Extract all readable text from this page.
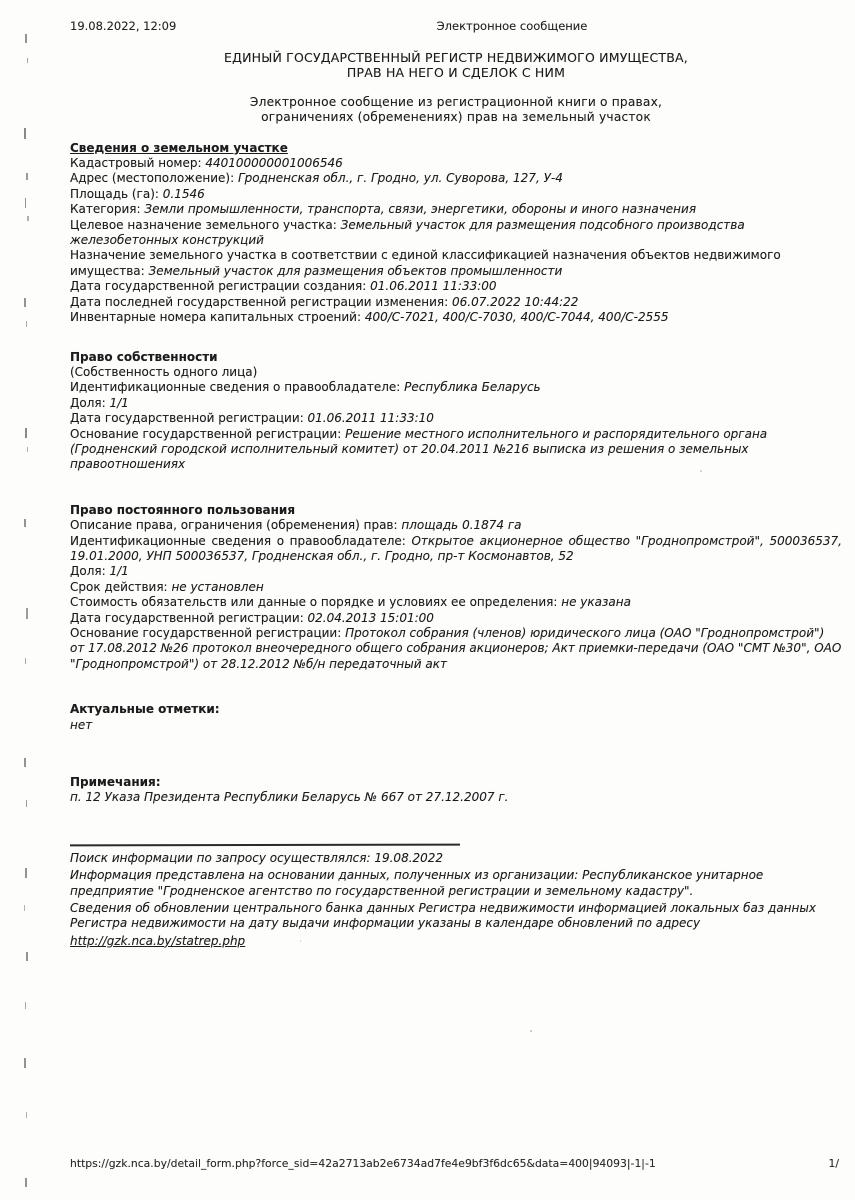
19.08.2022, 12:09	Электронное сообщение

ЕДИНЫЙ ГОСУДАРСТВЕННЫЙ РЕГИСТР НЕДВИЖИМОГО ИМУЩЕСТВА,

ПРАВ НА НЕГО И СДЕЛОК С НИМ

Электронное сообщение из регистрационной книги о правах,

ограничениях (обременениях) прав на земельный участок

Сведения о земельном участке

Кадастровый номер: 440100000001006546

Адрес (местоположение): Гродненская обл., г. Гродно, ул. Суворова, 127, У-4

Площадь (га): 0.1546

Категория: Земли промышленности, транспорта, связи, энергетики, обороны и иного назначения

Целевое назначение земельного участка: Земельный участок для размещения подсобного производства железобетонных конструкций

Назначение земельного участка в соответствии с единой классификацией назначения объектов недвижимого имущества: Земельный участок для размещения объектов промышленности

Дата государственной регистрации создания: 01.06.2011 11:33:00

Дата последней государственной регистрации изменения: 06.07.2022 10:44:22

Инвентарные номера капитальных строений: 400/С-7021, 400/С-7030, 400/С-7044, 400/С-2555

Право собственности

(Собственность одного лица)

Идентификационные сведения о правообладателе: Республика Беларусь

Доля: 1/1

Дата государственной регистрации: 01.06.2011 11:33:10

Основание государственной регистрации: Решение местного исполнительного и распорядительного органа (Гродненский городской исполнительный комитет) от 20.04.2011 №216 выписка из решения о земельных правоотношениях

Право постоянного пользования

Описание права, ограничения (обременения) прав: площадь 0.1874 га

Идентификационные сведения о правообладателе: Открытое акционерное общество "Гроднопромстрой", 500036537, 19.01.2000, УНП 500036537, Гродненская обл., г. Гродно, пр-т Космонавтов, 52

Доля: 1/1

Срок действия: не установлен

Стоимость обязательств или данные о порядке и условиях ее определения: не указана

Дата государственной регистрации: 02.04.2013 15:01:00

Основание государственной регистрации: Протокол собрания (членов) юридического лица (ОАО "Гроднопромстрой") от 17.08.2012 №26 протокол внеочередного общего собрания акционеров; Акт приемки-передачи (ОАО "СМТ №30", ОАО "Гроднопромстрой") от 28.12.2012 №б/н передаточный акт

Актуальные отметки:

нет

Примечания:

п. 12 Указа Президента Республики Беларусь № 667 от 27.12.2007 г.

Поиск информации по запросу осуществлялся: 19.08.2022

Информация представлена на основании данных, полученных из организации: Республиканское унитарное предприятие "Гродненское агентство по государственной регистрации и земельному кадастру".

Сведения об обновлении центрального банка данных Регистра недвижимости информацией локальных баз данных Регистра недвижимости на дату выдачи информации указаны в календаре обновлений по адресу

http://gzk.nca.by/statrep.php

https://gzk.nca.by/detail_form.php?force_sid=42a2713ab2e6734ad7fe4e9bf3f6dc65&data=400|94093|-1|-1	1/
